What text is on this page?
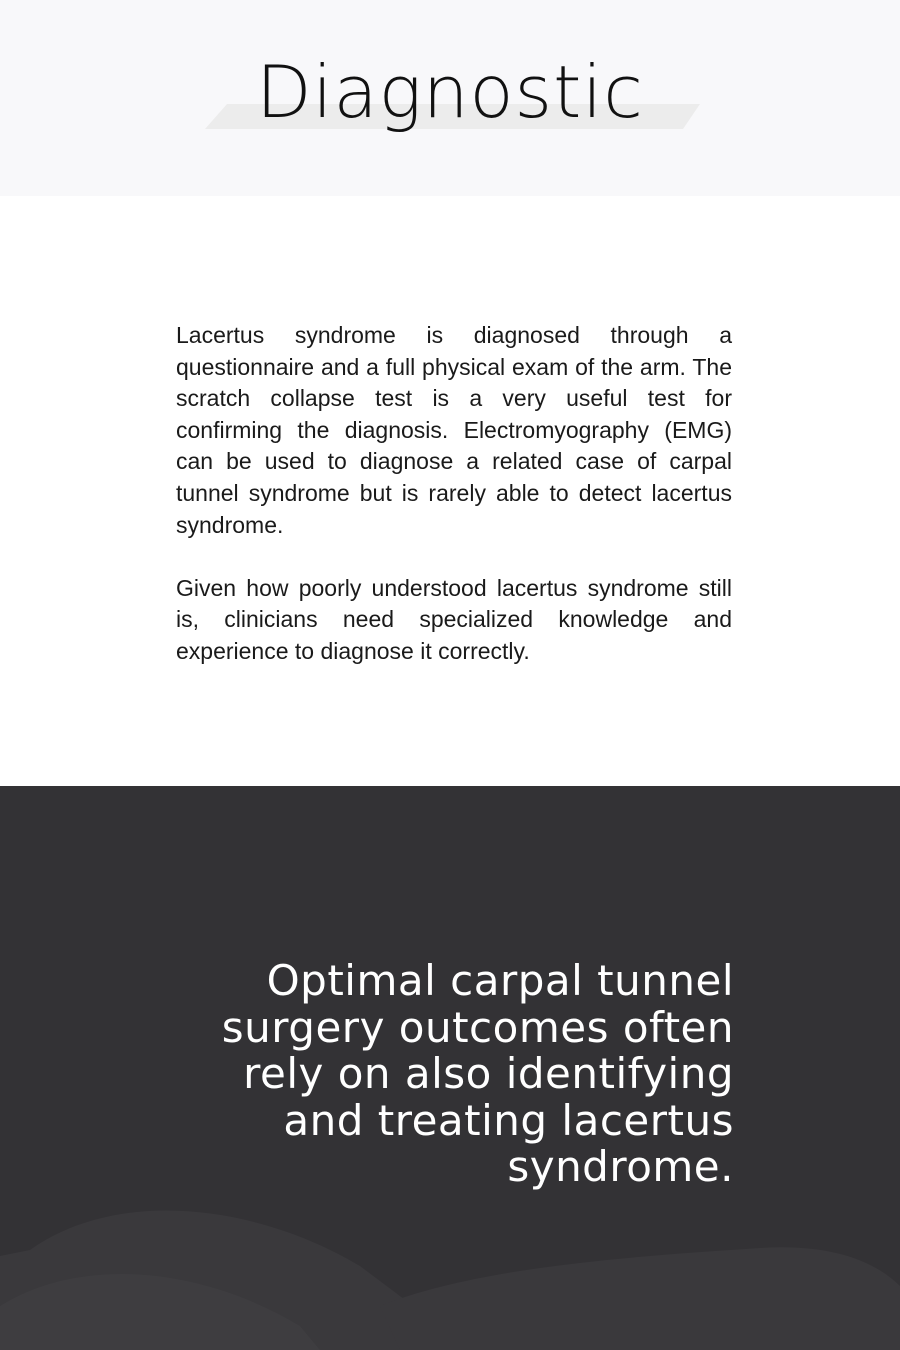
Diagnostic

Lacertus syndrome is diagnosed through a questionnaire and a full physical exam of the arm. The scratch collapse test is a very useful test for confirming the diagnosis. Electromyography (EMG) can be used to diagnose a related case of carpal tunnel syndrome but is rarely able to detect lacertus syndrome.

Given how poorly understood lacertus syndrome still is, clinicians need specialized knowledge and experience to diagnose it correctly.

Optimal carpal tunnel surgery outcomes often rely on also identifying and treating lacertus syndrome.
